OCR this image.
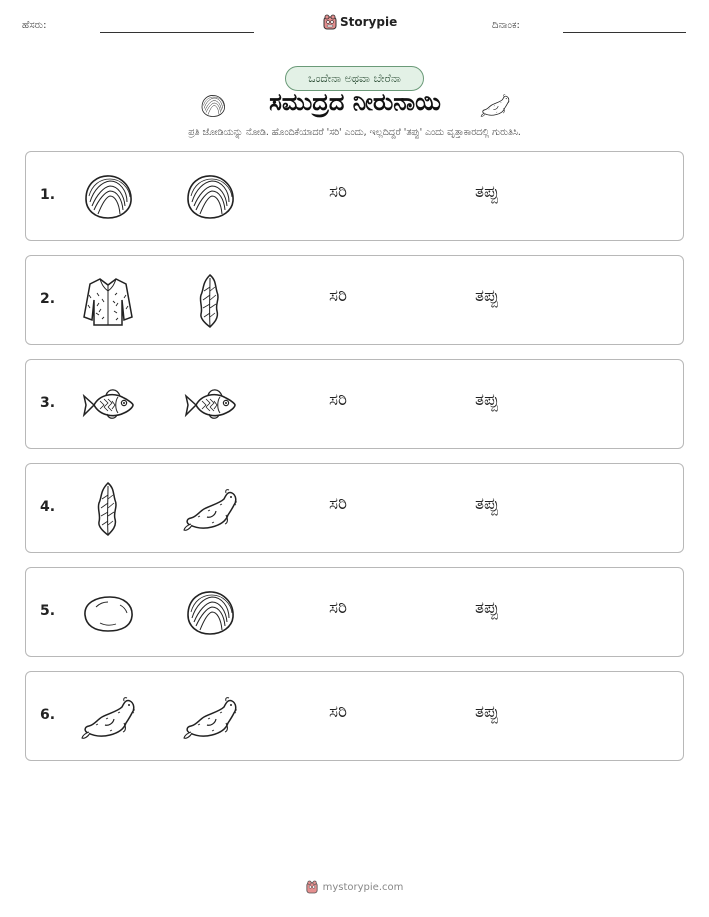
ಹೆಸರು:	Storypie	ದಿನಾಂಕ:
ಒಂದೇನಾ ಅಥವಾ ಬೇರೆನಾ
ಸಮುದ್ರದ ನೀರುನಾಯಿ
ಪ್ರತಿ ಜೋಡಿಯನ್ನು ನೋಡಿ. ಹೊಂದಿಕೆಯಾದರೆ 'ಸರಿ' ಎಂದು, ಇಲ್ಲದಿದ್ದರೆ 'ತಪ್ಪು' ಎಂದು ವೃತ್ತಾಕಾರದಲ್ಲಿ ಗುರುತಿಸಿ.
1.	ಸರಿ	ತಪ್ಪು
2.	ಸರಿ	ತಪ್ಪು
3.	ಸರಿ	ತಪ್ಪು
4.	ಸರಿ	ತಪ್ಪು
5.	ಸರಿ	ತಪ್ಪು
6.	ಸರಿ	ತಪ್ಪು
mystorypie.com
